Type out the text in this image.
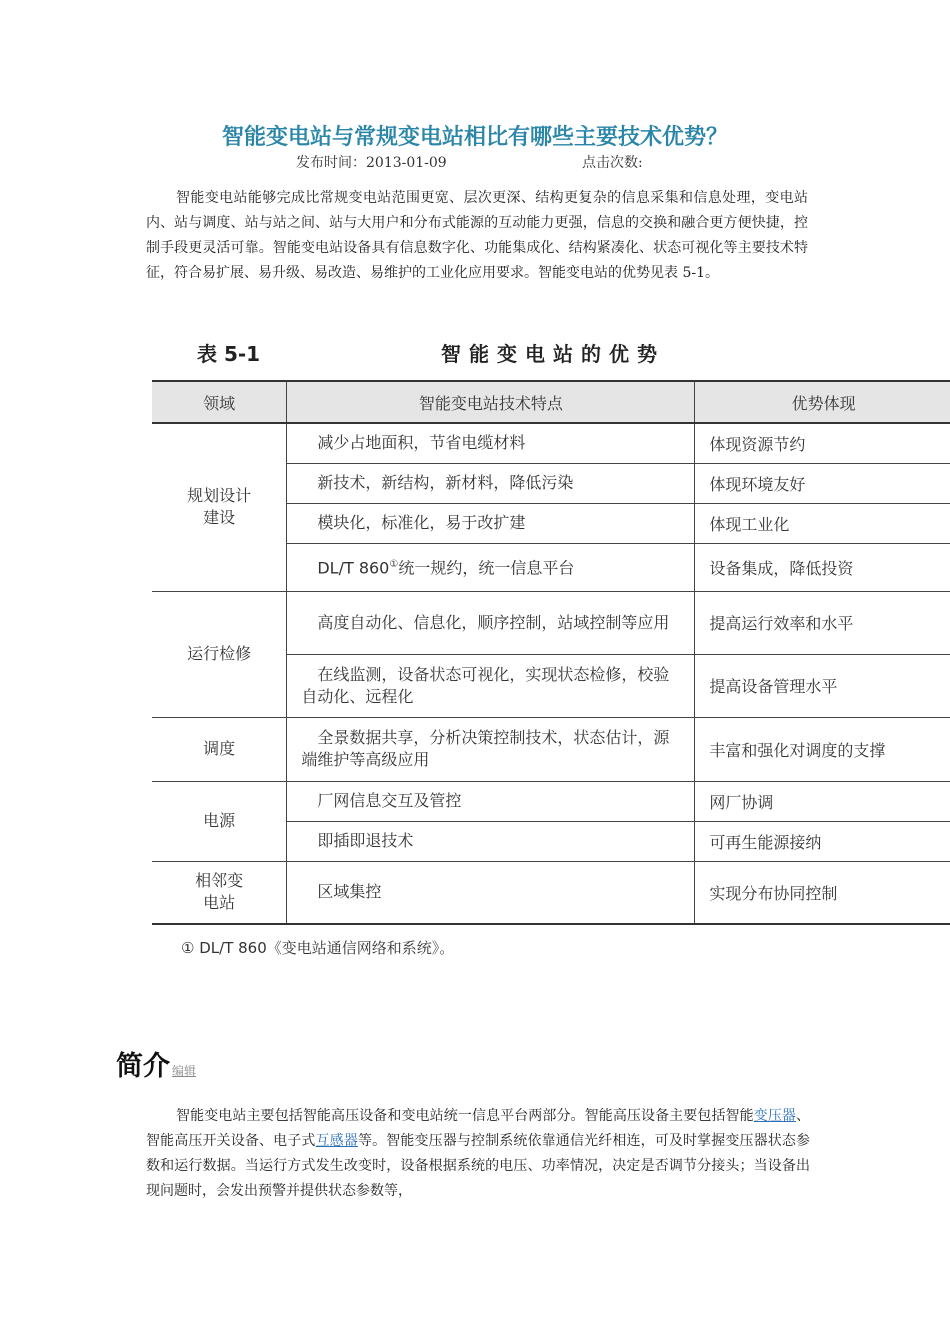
智能变电站与常规变电站相比有哪些主要技术优势？
发布时间：2013-01-09	点击次数:
智能变电站能够完成比常规变电站范围更宽、层次更深、结构更复杂的信息采集和信息处理，变电站内、站与调度、站与站之间、站与大用户和分布式能源的互动能力更强，信息的交换和融合更方便快捷，控制手段更灵活可靠。智能变电站设备具有信息数字化、功能集成化、结构紧凑化、状态可视化等主要技术特征，符合易扩展、易升级、易改造、易维护的工业化应用要求。智能变电站的优势见表 5-1。
表 5-1	智能变电站的优势
领域	智能变电站技术特点	优势体现
规划设计建设	减少占地面积，节省电缆材料	体现资源节约
	新技术，新结构，新材料，降低污染	体现环境友好
	模块化，标准化，易于改扩建	体现工业化
	DL/T 860①统一规约，统一信息平台	设备集成，降低投资
运行检修	高度自动化、信息化，顺序控制，站域控制等应用	提高运行效率和水平
	在线监测，设备状态可视化，实现状态检修，校验自动化、远程化	提高设备管理水平
调度	全景数据共享，分析决策控制技术，状态估计，源端维护等高级应用	丰富和强化对调度的支撑
电源	厂网信息交互及管控	网厂协调
	即插即退技术	可再生能源接纳
相邻变电站	区域集控	实现分布协同控制
① DL/T 860《变电站通信网络和系统》。
简介 编辑
智能变电站主要包括智能高压设备和变电站统一信息平台两部分。智能高压设备主要包括智能变压器、智能高压开关设备、电子式互感器等。智能变压器与控制系统依靠通信光纤相连，可及时掌握变压器状态参数和运行数据。当运行方式发生改变时，设备根据系统的电压、功率情况，决定是否调节分接头；当设备出现问题时，会发出预警并提供状态参数等，
